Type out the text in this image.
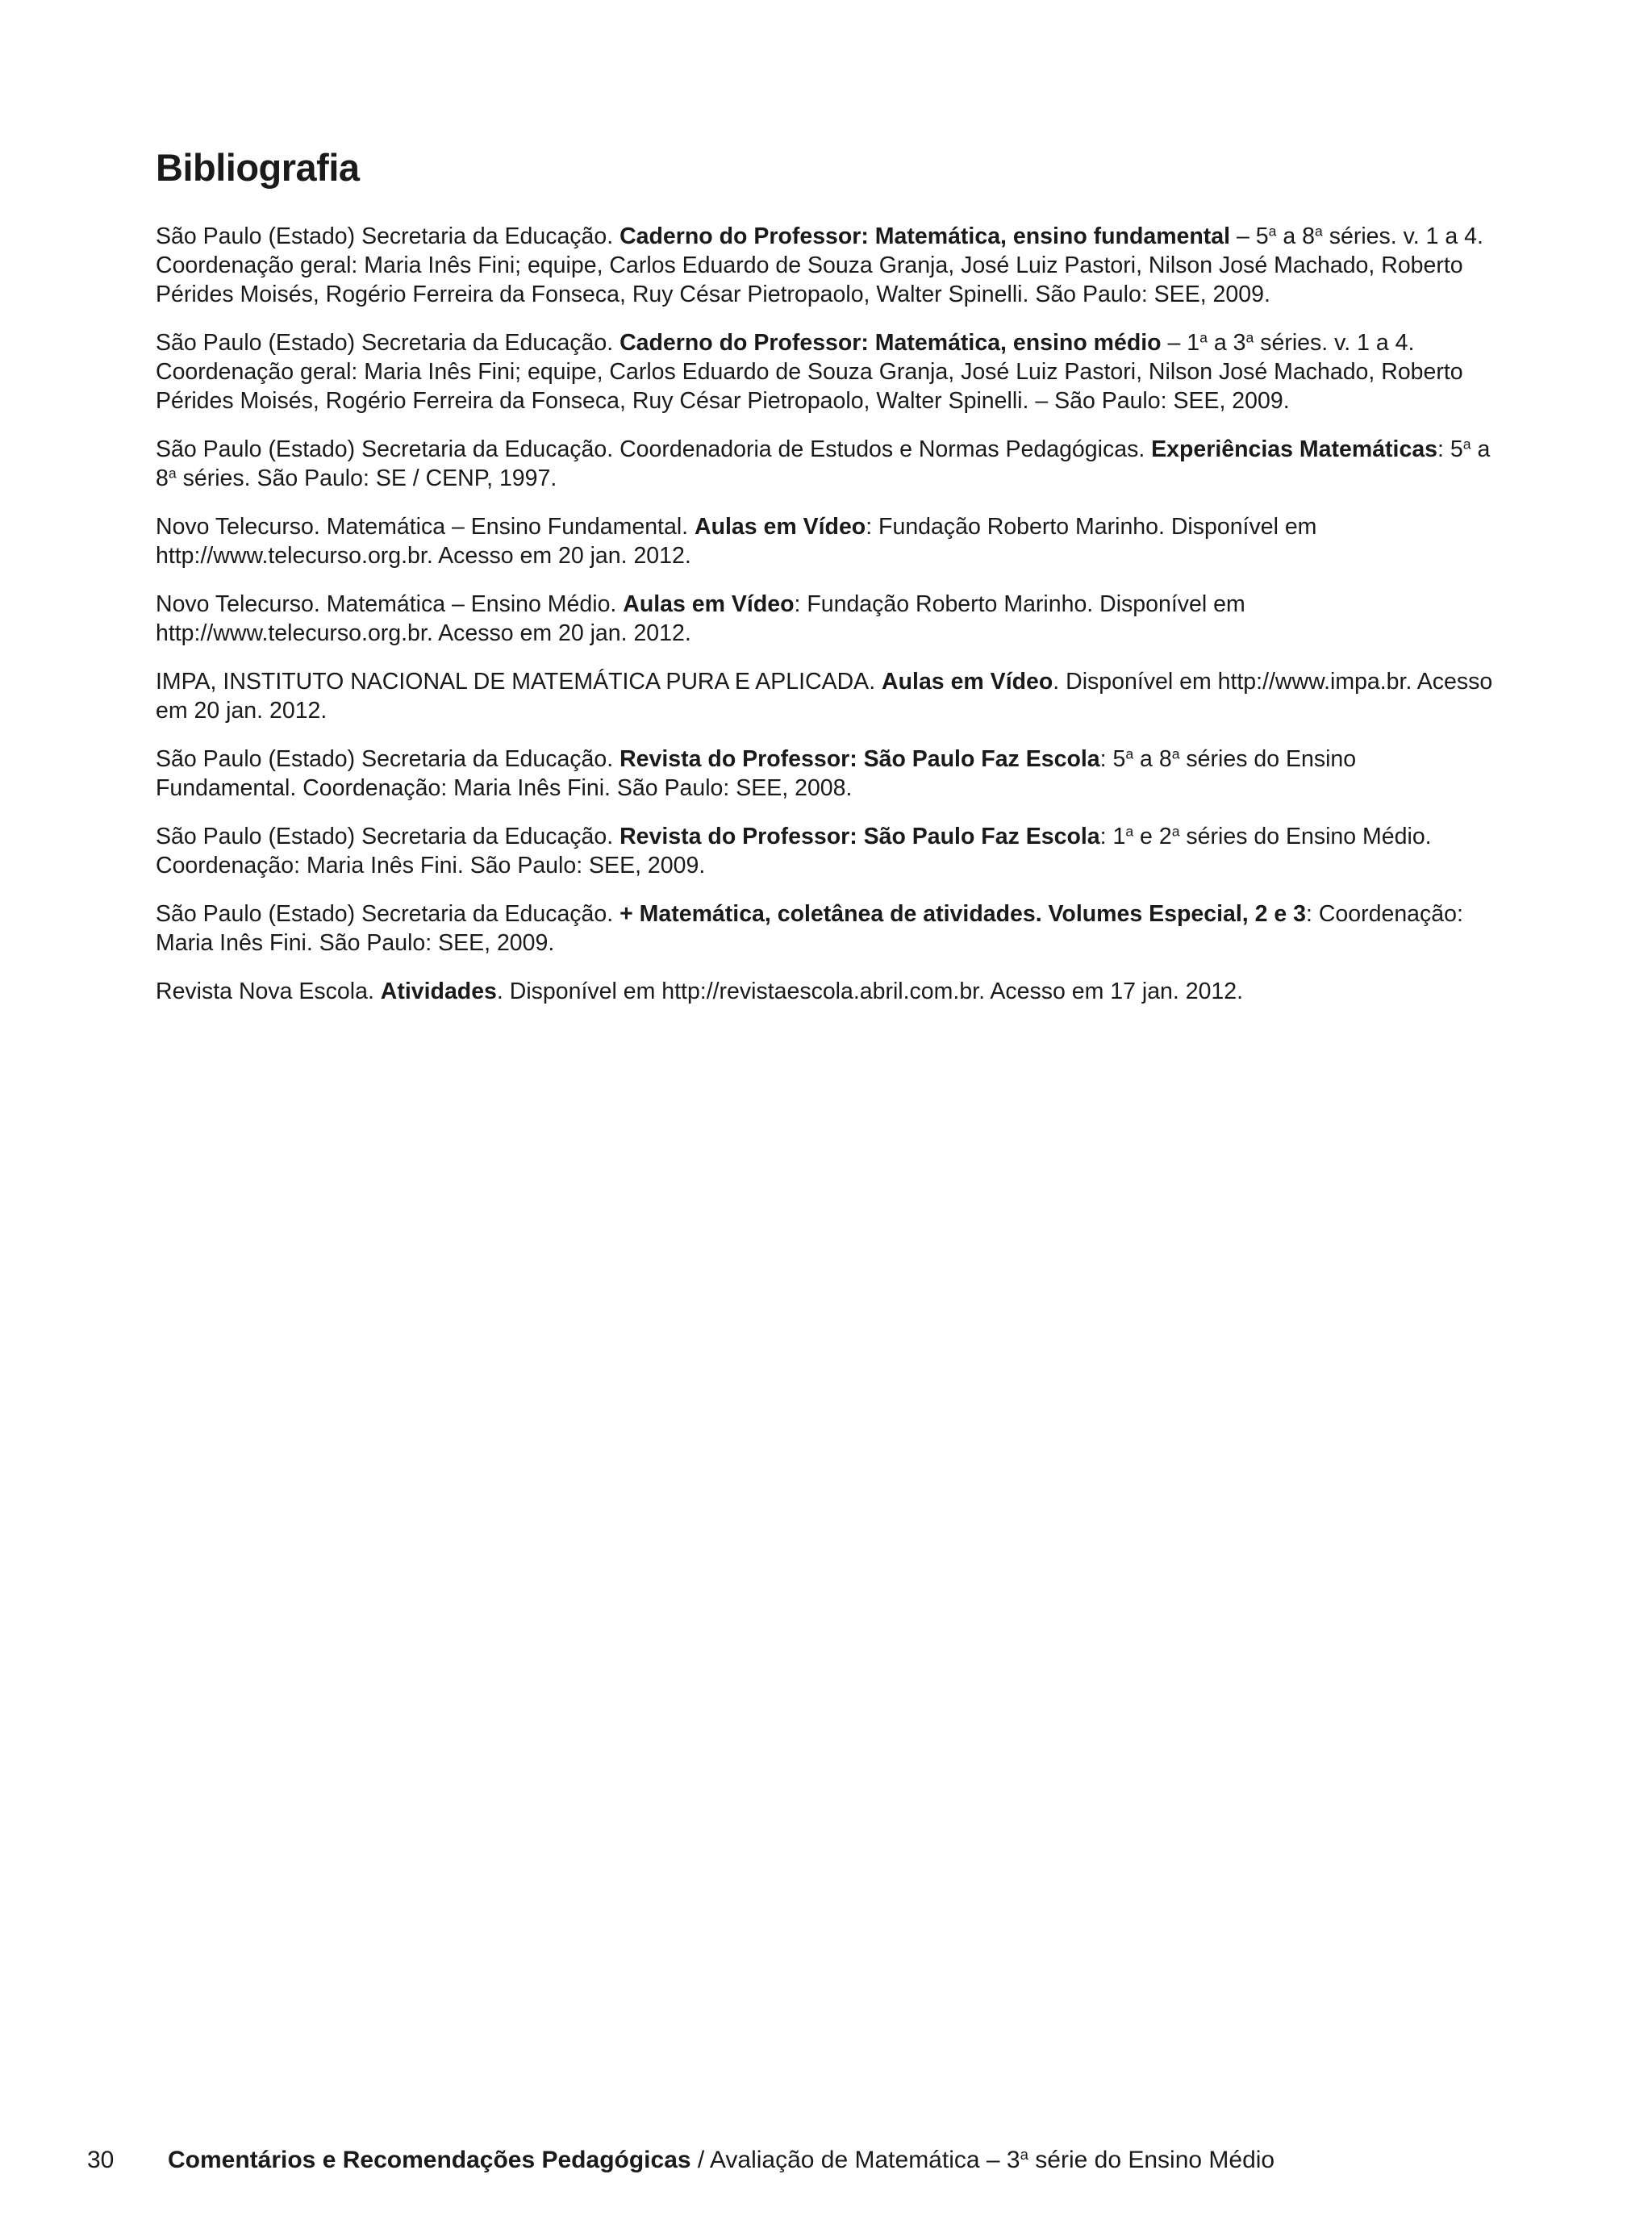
Bibliografia
São Paulo (Estado) Secretaria da Educação. Caderno do Professor: Matemática, ensino fundamental – 5$^a$ a 8$^a$ séries. v. 1 a 4. Coordenação geral: Maria Inês Fini; equipe, Carlos Eduardo de Souza Granja, José Luiz Pastori, Nilson José Machado, Roberto Pérides Moisés, Rogério Ferreira da Fonseca, Ruy César Pietropaolo, Walter Spinelli. São Paulo: SEE, 2009.
São Paulo (Estado) Secretaria da Educação. Caderno do Professor: Matemática, ensino médio – 1$^a$ a 3$^a$ séries. v. 1 a 4. Coordenação geral: Maria Inês Fini; equipe, Carlos Eduardo de Souza Granja, José Luiz Pastori, Nilson José Machado, Roberto Pérides Moisés, Rogério Ferreira da Fonseca, Ruy César Pietropaolo, Walter Spinelli. – São Paulo: SEE, 2009.
São Paulo (Estado) Secretaria da Educação. Coordenadoria de Estudos e Normas Pedagógicas. Experiências Matemáticas: 5$^a$ a 8$^a$ séries. São Paulo: SE / CENP, 1997.
Novo Telecurso. Matemática – Ensino Fundamental. Aulas em Vídeo: Fundação Roberto Marinho. Disponível em http://www.telecurso.org.br. Acesso em 20 jan. 2012.
Novo Telecurso. Matemática – Ensino Médio. Aulas em Vídeo: Fundação Roberto Marinho. Disponível em http://www.telecurso.org.br. Acesso em 20 jan. 2012.
IMPA, INSTITUTO NACIONAL DE MATEMÁTICA PURA E APLICADA. Aulas em Vídeo. Disponível em http://www.impa.br. Acesso em 20 jan. 2012.
São Paulo (Estado) Secretaria da Educação. Revista do Professor: São Paulo Faz Escola: 5$^a$ a 8$^a$ séries do Ensino Fundamental. Coordenação: Maria Inês Fini. São Paulo: SEE, 2008.
São Paulo (Estado) Secretaria da Educação. Revista do Professor: São Paulo Faz Escola: 1$^a$ e 2$^a$ séries do Ensino Médio. Coordenação: Maria Inês Fini. São Paulo: SEE, 2009.
São Paulo (Estado) Secretaria da Educação. + Matemática, coletânea de atividades. Volumes Especial, 2 e 3: Coordenação: Maria Inês Fini. São Paulo: SEE, 2009.
Revista Nova Escola. Atividades. Disponível em http://revistaescola.abril.com.br. Acesso em 17 jan. 2012.
30 Comentários e Recomendações Pedagógicas / Avaliação de Matemática – 3$^a$ série do Ensino Médio
